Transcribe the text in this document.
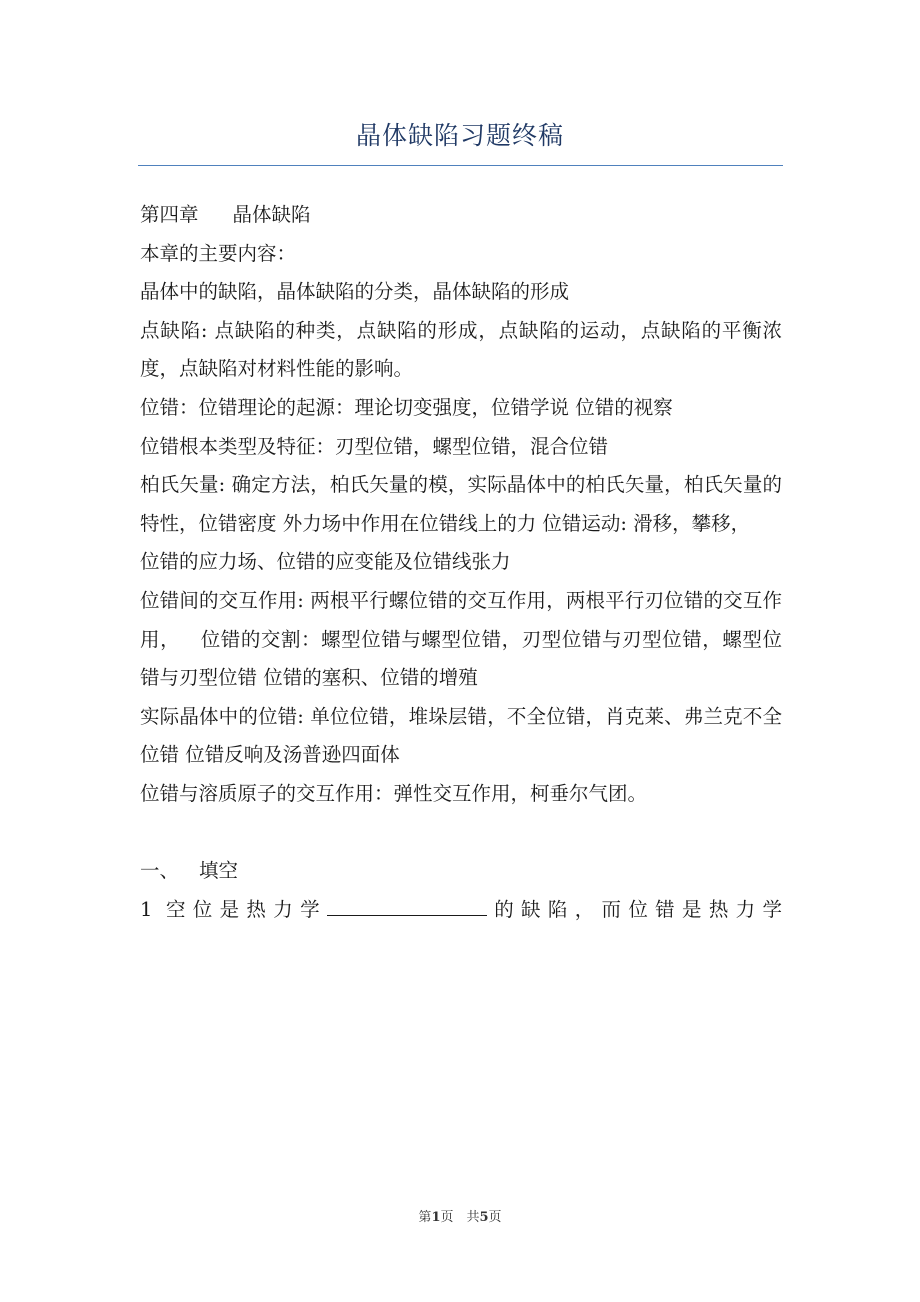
晶体缺陷习题终稿

第四章 晶体缺陷

本章的主要内容：

晶体中的缺陷，晶体缺陷的分类，晶体缺陷的形成

点缺陷: 点缺陷的种类，点缺陷的形成，点缺陷的运动，点缺陷的平衡浓度，点缺陷对材料性能的影响。

位错：位错理论的起源：理论切变强度，位错学说 位错的视察

位错根本类型及特征：刃型位错，螺型位错，混合位错

柏氏矢量: 确定方法，柏氏矢量的模，实际晶体中的柏氏矢量，柏氏矢量的特性，位错密度 外力场中作用在位错线上的力 位错运动: 滑移，攀移，

位错的应力场、位错的应变能及位错线张力

位错间的交互作用: 两根平行螺位错的交互作用，两根平行刃位错的交互作用， 位错的交割：螺型位错与螺型位错，刃型位错与刃型位错，螺型位错与刃型位错 位错的塞积、位错的增殖

实际晶体中的位错: 单位位错，堆垛层错，不全位错，肖克莱、弗兰克不全位错 位错反响及汤普逊四面体

位错与溶质原子的交互作用：弹性交互作用，柯垂尔气团。

一、 填空

1 空位是热力学	的缺陷，而位错是热力学

第1页　共5页
